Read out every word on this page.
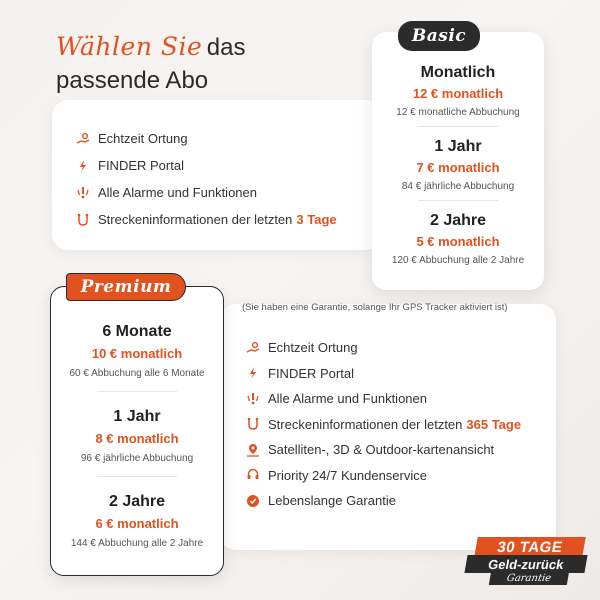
Wählen Sie das
passende Abo
Echtzeit Ortung
FINDER Portal
Alle Alarme und Funktionen
Streckeninformationen der letzten 3 Tage
Monatlich
12 € monatlich
12 € monatliche Abbuchung
1 Jahr
7 € monatlich
84 € jährliche Abbuchung
2 Jahre
5 € monatlich
120 € Abbuchung alle 2 Jahre
Basic
Echtzeit Ortung
FINDER Portal
Alle Alarme und Funktionen
Streckeninformationen der letzten 365 Tage
Satelliten-, 3D & Outdoor-kartenansicht
Priority 24/7 Kundenservice
Lebenslange Garantie
(Sie haben eine Garantie, solange Ihr GPS Tracker aktiviert ist)
6 Monate
10 € monatlich
60 € Abbuchung alle 6 Monate
1 Jahr
8 € monatlich
96 € jährliche Abbuchung
2 Jahre
6 € monatlich
144 € Abbuchung alle 2 Jahre
Premium
30 TAGE
Geld-zurück
Garantie
